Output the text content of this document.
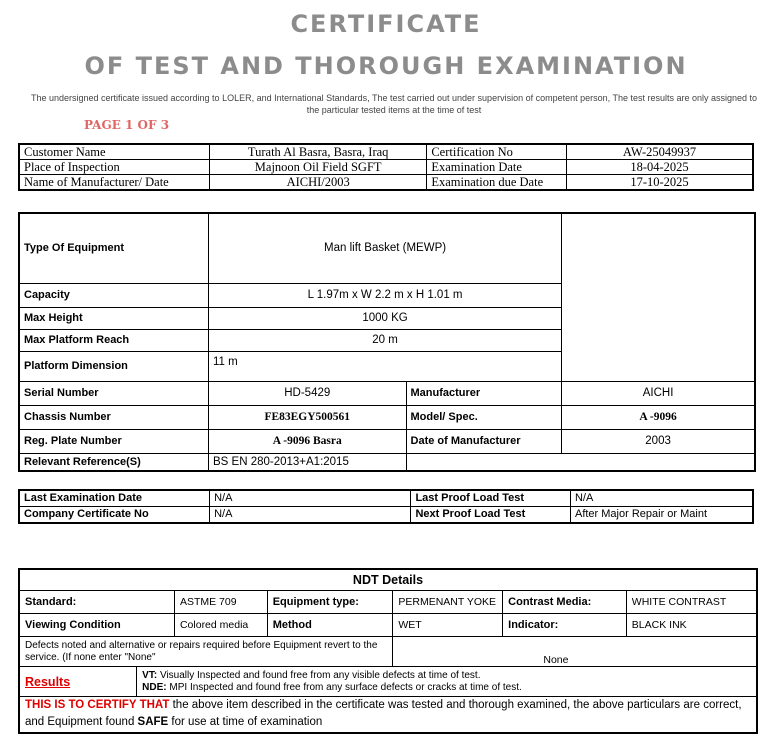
CERTIFICATE
OF TEST AND THOROUGH EXAMINATION
The undersigned certificate issued according to LOLER, and International Standards, The test carried out under supervision of competent person, The test results are only assigned to the particular tested items at the time of test
PAGE 1 OF 3
Customer Name	Turath Al Basra, Basra, Iraq	Certification No	AW-25049937
Place of Inspection	Majnoon Oil Field SGFT	Examination Date	18-04-2025
Name of Manufacturer/ Date	AICHI/2003	Examination due Date	17-10-2025
Type Of Equipment	Man lift Basket (MEWP)		
Capacity	L 1.97m x W 2.2 m x H 1.01 m		
Max Height	1000 KG		
Max Platform Reach	20 m		
Platform Dimension	11 m		
Serial Number	HD-5429	Manufacturer	AICHI
Chassis Number	FE83EGY500561	Model/ Spec.	A -9096
Reg. Plate Number	A -9096 Basra	Date of Manufacturer	2003
Relevant Reference(S)	BS EN 280-2013+A1:2015		
Last Examination Date	N/A	Last Proof Load Test	N/A
Company Certificate No	N/A	Next Proof Load Test	After Major Repair or Maint
NDT Details						
Standard:		ASTME 709	Equipment type:	PERMENANT YOKE	Contrast Media:	WHITE CONTRAST
Viewing Condition		Colored media	Method	WET	Indicator:	BLACK INK
Defects noted and alternative or repairs required before Equipment revert to the service. (If none enter "None"				None		
Results	VT: Visually Inspected and found free from any visible defects at time of test.
NDE: MPI Inspected and found free from any surface defects or cracks at time of test.					

THIS IS TO CERTIFY THAT the above item described in the certificate was tested and thorough examined, the above particulars are correct, and Equipment found SAFE for use at time of examination						
